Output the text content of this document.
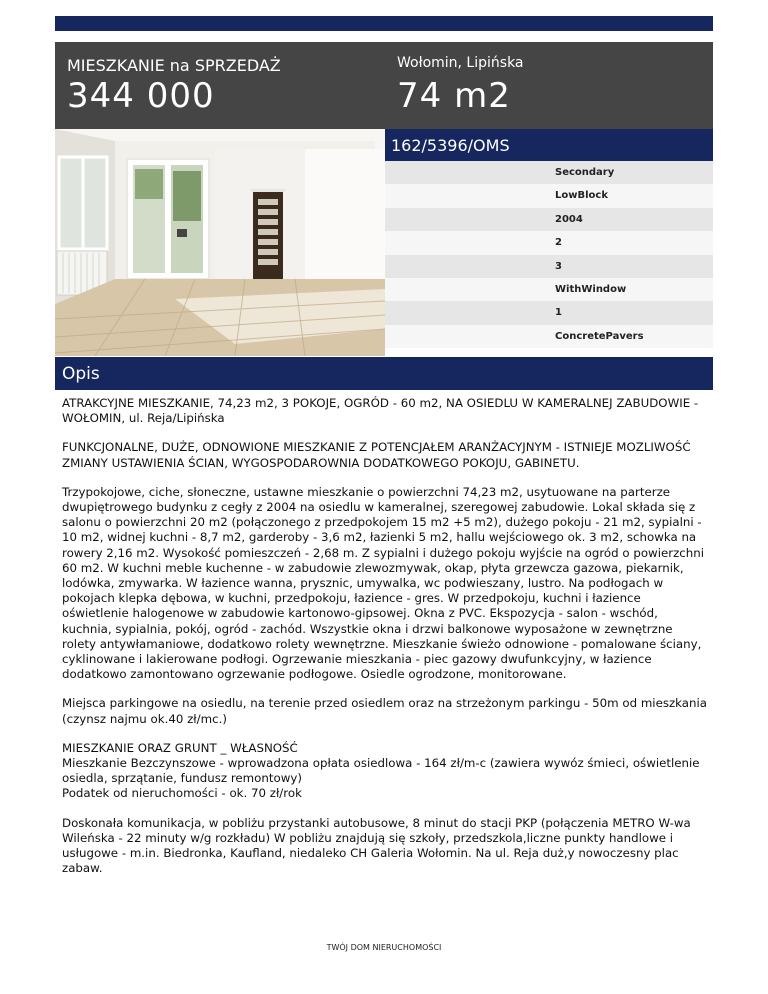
MIESZKANIE na SPRZEDAŻ
344 000
Wołomin, Lipińska
74 m2
162/5396/OMS
Secondary
LowBlock
2004
2
3
WithWindow
1
ConcretePavers
Opis

ATRAKCYJNE MIESZKANIE, 74,23 m2, 3 POKOJE, OGRÓD - 60 m2, NA OSIEDLU W KAMERALNEJ ZABUDOWIE - WOŁOMIN, ul. Reja/Lipińska

FUNKCJONALNE, DUŻE, ODNOWIONE MIESZKANIE Z POTENCJAŁEM ARANŻACYJNYM - ISTNIEJE MOZLIWOŚĆ ZMIANY USTAWIENIA ŚCIAN, WYGOSPODAROWNIA DODATKOWEGO POKOJU, GABINETU.

Trzypokojowe, ciche, słoneczne, ustawne mieszkanie o powierzchni 74,23 m2, usytuowane na parterze dwupiętrowego budynku z cegły z 2004 na osiedlu w kameralnej, szeregowej zabudowie. Lokal składa się z salonu o powierzchni 20 m2 (połączonego z przedpokojem 15 m2 +5 m2), dużego pokoju - 21 m2, sypialni - 10 m2, widnej kuchni - 8,7 m2, garderoby - 3,6 m2, łazienki 5 m2, hallu wejściowego ok. 3 m2, schowka na rowery 2,16 m2. Wysokość pomieszczeń - 2,68 m. Z sypialni i dużego pokoju wyjście na ogród o powierzchni 60 m2. W kuchni meble kuchenne - w zabudowie zlewozmywak, okap, płyta grzewcza gazowa, piekarnik, lodówka, zmywarka. W łazience wanna, prysznic, umywalka, wc podwieszany, lustro. Na podłogach w pokojach klepka dębowa, w kuchni, przedpokoju, łazience - gres. W przedpokoju, kuchni i łazience oświetlenie halogenowe w zabudowie kartonowo-gipsowej. Okna z PVC. Ekspozycja - salon - wschód, kuchnia, sypialnia, pokój, ogród - zachód. Wszystkie okna i drzwi balkonowe wyposażone w zewnętrzne rolety antywłamaniowe, dodatkowo rolety wewnętrzne. Mieszkanie świeżo odnowione - pomalowane ściany, cyklinowane i lakierowane podłogi. Ogrzewanie mieszkania - piec gazowy dwufunkcyjny, w łazience dodatkowo zamontowano ogrzewanie podłogowe. Osiedle ogrodzone, monitorowane.

Miejsca parkingowe na osiedlu, na terenie przed osiedlem oraz na strzeżonym parkingu - 50m od mieszkania (czynsz najmu ok.40 zł/mc.)

MIESZKANIE ORAZ GRUNT _ WŁASNOŚĆ
Mieszkanie Bezczynszowe - wprowadzona opłata osiedlowa - 164 zł/m-c (zawiera wywóz śmieci, oświetlenie osiedla, sprzątanie, fundusz remontowy)
Podatek od nieruchomości - ok. 70 zł/rok

Doskonała komunikacja, w pobliżu przystanki autobusowe, 8 minut do stacji PKP (połączenia METRO W-wa Wileńska - 22 minuty w/g rozkładu) W pobliżu znajdują się szkoły, przedszkola,liczne punkty handlowe i usługowe - m.in. Biedronka, Kaufland, niedaleko CH Galeria Wołomin. Na ul. Reja duż,y nowoczesny plac zabaw.

TWÓJ DOM NIERUCHOMOŚCI
